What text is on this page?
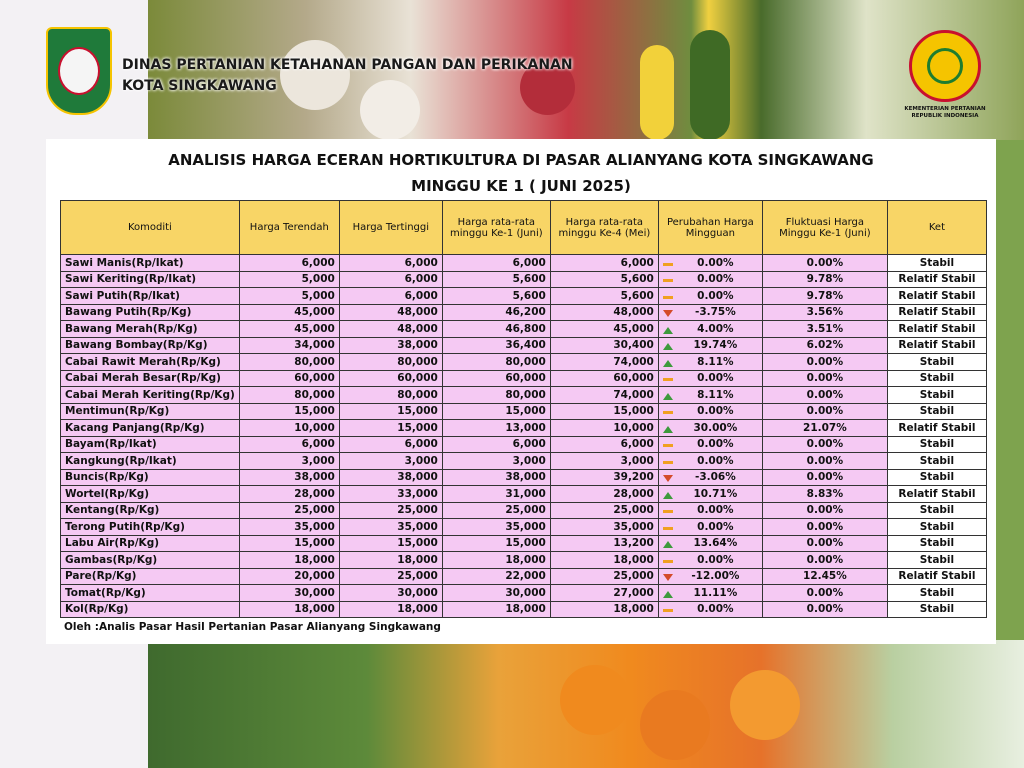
DINAS PERTANIAN KETAHANAN PANGAN DAN PERIKANAN
KOTA SINGKAWANG
KEMENTERIAN PERTANIAN
REPUBLIK INDONESIA
ANALISIS HARGA ECERAN HORTIKULTURA DI PASAR ALIANYANG KOTA SINGKAWANG
MINGGU KE 1 ( JUNI 2025)
Komoditi	Harga Terendah	Harga Tertinggi	Harga rata-rata minggu Ke-1 (Juni)	Harga rata-rata minggu Ke-4 (Mei)	Perubahan Harga Mingguan	Fluktuasi Harga Minggu Ke-1 (Juni)	Ket
Sawi Manis(Rp/Ikat)	6,000	6,000	6,000	6,000	0.00%	0.00%	Stabil
Sawi Keriting(Rp/Ikat)	5,000	6,000	5,600	5,600	0.00%	9.78%	Relatif Stabil
Sawi Putih(Rp/Ikat)	5,000	6,000	5,600	5,600	0.00%	9.78%	Relatif Stabil
Bawang Putih(Rp/Kg)	45,000	48,000	46,200	48,000	-3.75%	3.56%	Relatif Stabil
Bawang Merah(Rp/Kg)	45,000	48,000	46,800	45,000	4.00%	3.51%	Relatif Stabil
Bawang Bombay(Rp/Kg)	34,000	38,000	36,400	30,400	19.74%	6.02%	Relatif Stabil
Cabai Rawit Merah(Rp/Kg)	80,000	80,000	80,000	74,000	8.11%	0.00%	Stabil
Cabai Merah Besar(Rp/Kg)	60,000	60,000	60,000	60,000	0.00%	0.00%	Stabil
Cabai Merah Keriting(Rp/Kg)	80,000	80,000	80,000	74,000	8.11%	0.00%	Stabil
Mentimun(Rp/Kg)	15,000	15,000	15,000	15,000	0.00%	0.00%	Stabil
Kacang Panjang(Rp/Kg)	10,000	15,000	13,000	10,000	30.00%	21.07%	Relatif Stabil
Bayam(Rp/Ikat)	6,000	6,000	6,000	6,000	0.00%	0.00%	Stabil
Kangkung(Rp/Ikat)	3,000	3,000	3,000	3,000	0.00%	0.00%	Stabil
Buncis(Rp/Kg)	38,000	38,000	38,000	39,200	-3.06%	0.00%	Stabil
Wortel(Rp/Kg)	28,000	33,000	31,000	28,000	10.71%	8.83%	Relatif Stabil
Kentang(Rp/Kg)	25,000	25,000	25,000	25,000	0.00%	0.00%	Stabil
Terong Putih(Rp/Kg)	35,000	35,000	35,000	35,000	0.00%	0.00%	Stabil
Labu Air(Rp/Kg)	15,000	15,000	15,000	13,200	13.64%	0.00%	Stabil
Gambas(Rp/Kg)	18,000	18,000	18,000	18,000	0.00%	0.00%	Stabil
Pare(Rp/Kg)	20,000	25,000	22,000	25,000	-12.00%	12.45%	Relatif Stabil
Tomat(Rp/Kg)	30,000	30,000	30,000	27,000	11.11%	0.00%	Stabil
Kol(Rp/Kg)	18,000	18,000	18,000	18,000	0.00%	0.00%	Stabil
Oleh :Analis Pasar Hasil Pertanian Pasar Alianyang Singkawang
